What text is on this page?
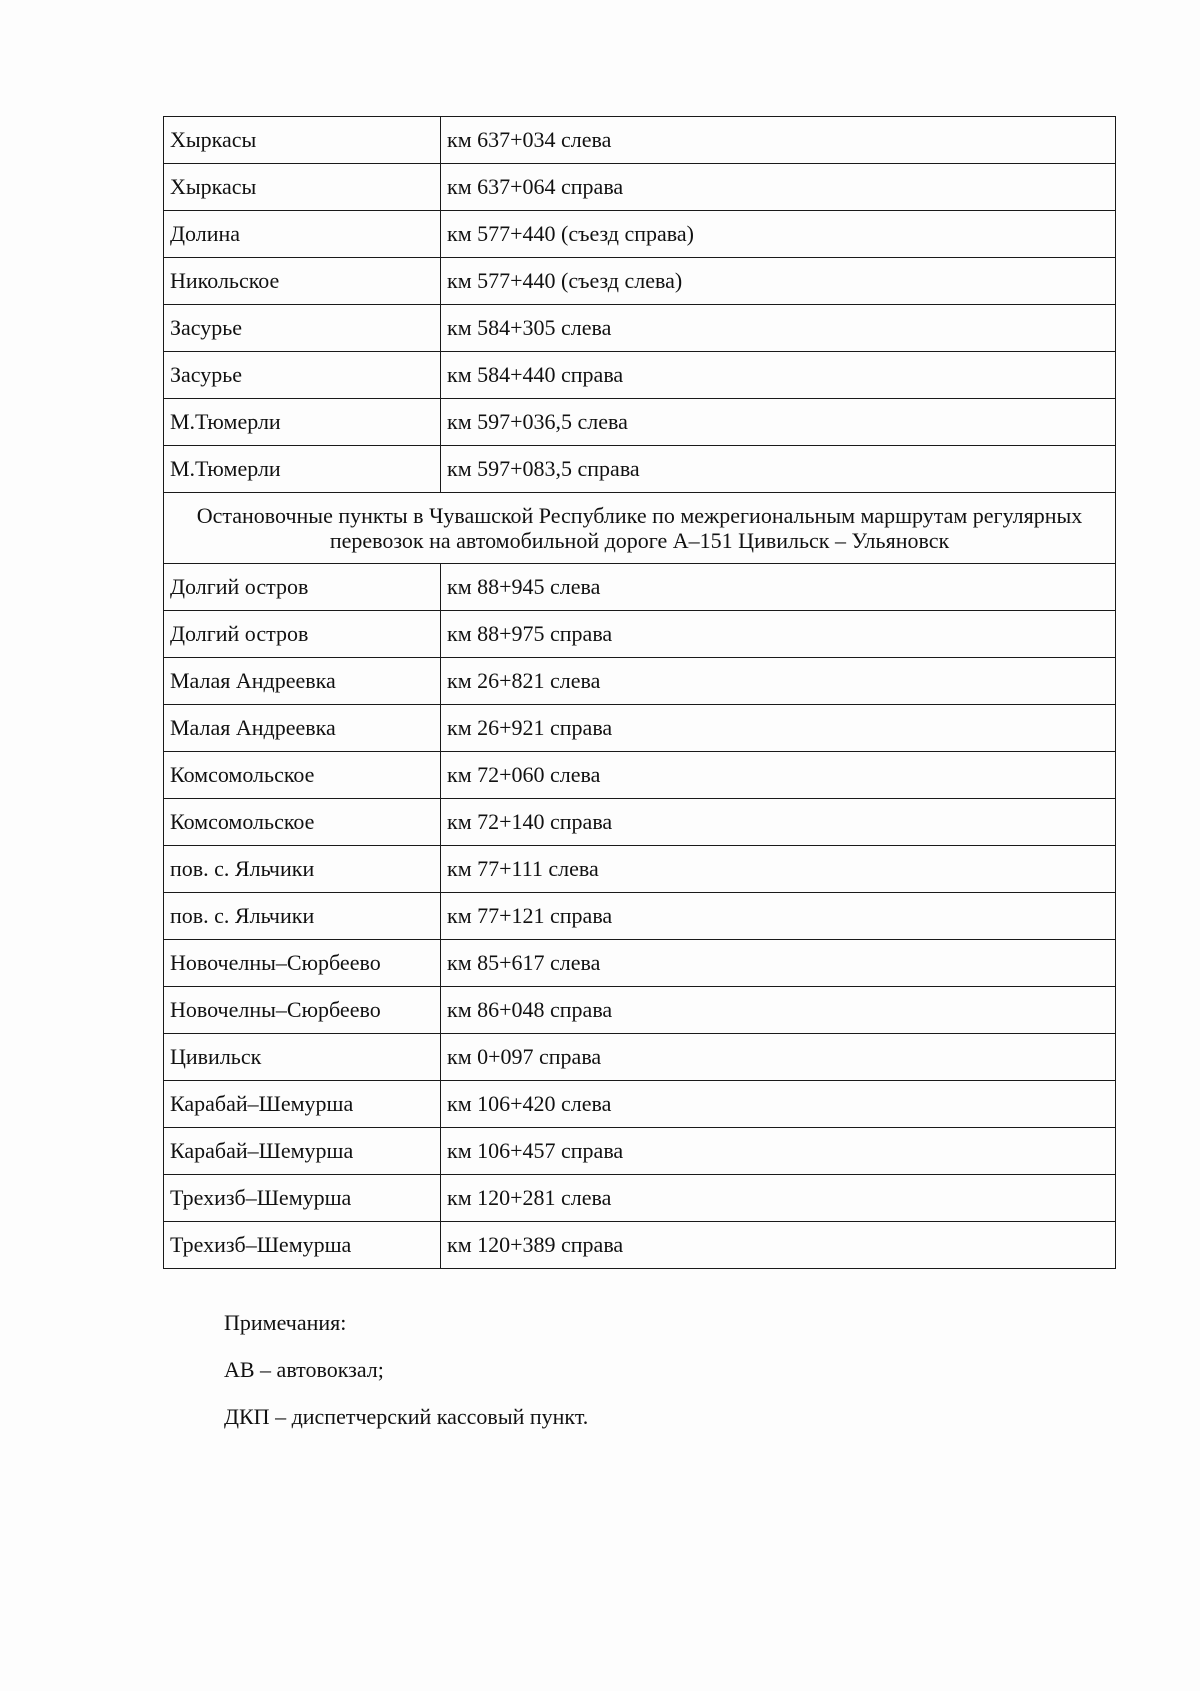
Хыркасы	км 637+034 слева
Хыркасы	км 637+064 справа
Долина	км 577+440 (съезд справа)
Никольское	км 577+440 (съезд слева)
Засурье	км 584+305 слева
Засурье	км 584+440 справа
М.Тюмерли	км 597+036,5 слева
М.Тюмерли	км 597+083,5 справа
Остановочные пункты в Чувашской Республике по межрегиональным маршрутам регулярных перевозок на автомобильной дороге А–151 Цивильск – Ульяновск	
Долгий остров	км 88+945 слева
Долгий остров	км 88+975 справа
Малая Андреевка	км 26+821 слева
Малая Андреевка	км 26+921 справа
Комсомольское	км 72+060 слева
Комсомольское	км 72+140 справа
пов. с. Яльчики	км 77+111 слева
пов. с. Яльчики	км 77+121 справа
Новочелны–Сюрбеево	км 85+617 слева
Новочелны–Сюрбеево	км 86+048 справа
Цивильск	км 0+097 справа
Карабай–Шемурша	км 106+420 слева
Карабай–Шемурша	км 106+457 справа
Трехизб–Шемурша	км 120+281 слева
Трехизб–Шемурша	км 120+389 справа

Примечания:

АВ – автовокзал;

ДКП – диспетчерский кассовый пункт.
